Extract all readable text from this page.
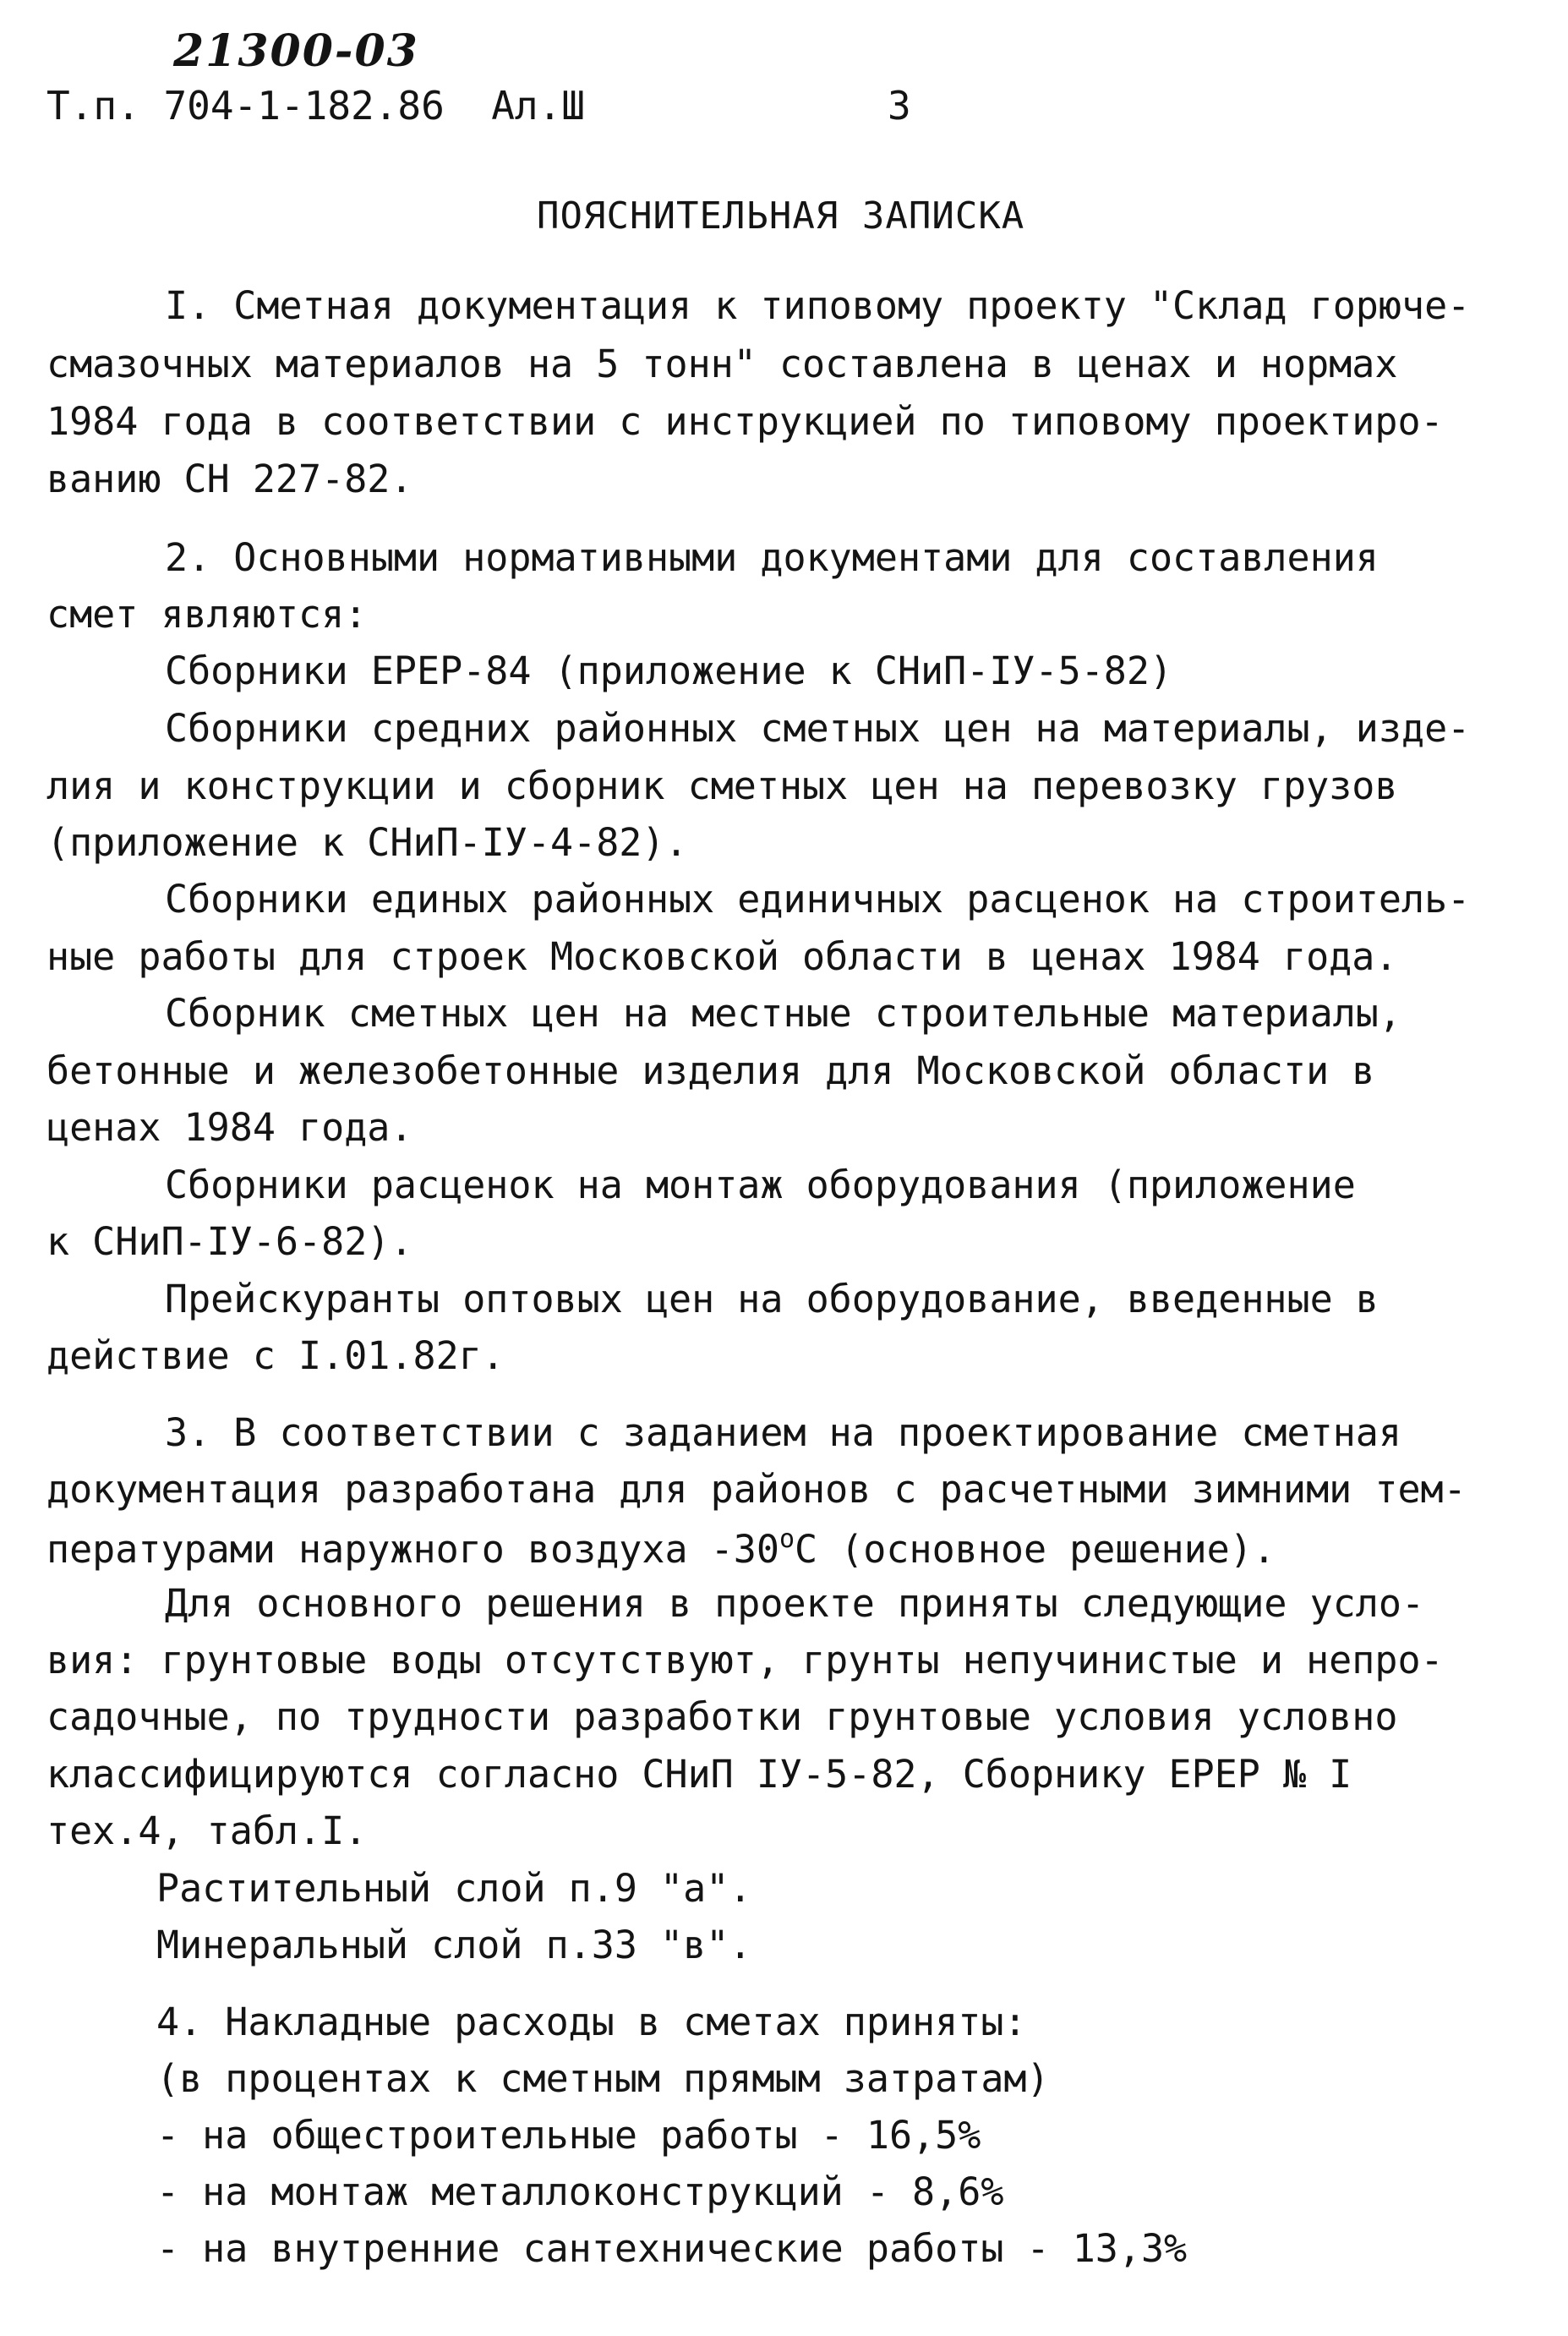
21300-03
Т.п. 704-1-182.86  Ал.Ш	3
ПОЯСНИТЕЛЬНАЯ ЗАПИСКА
I. Сметная документация к типовому проекту "Склад горюче-
смазочных материалов на 5 тонн" составлена в ценах и нормах
1984 года в соответствии с инструкцией по типовому проектиро-
ванию СН 227-82.
2. Основными нормативными документами для составления
смет являются:
Сборники ЕРЕР-84 (приложение к СНиП-IУ-5-82)
Сборники средних районных сметных цен на материалы, изде-
лия и конструкции и сборник сметных цен на перевозку грузов
(приложение к СНиП-IУ-4-82).
Сборники единых районных единичных расценок на строитель-
ные работы для строек Московской области в ценах 1984 года.
Сборник сметных цен на местные строительные материалы,
бетонные и железобетонные изделия для Московской области в
ценах 1984 года.
Сборники расценок на монтаж оборудования (приложение
к СНиП-IУ-6-82).
Прейскуранты оптовых цен на оборудование, введенные в
действие с I.01.82г.
3. В соответствии с заданием на проектирование сметная
документация разработана для районов с расчетными зимними тем-
пературами наружного воздуха $-30^оС$ (основное решение).
Для основного решения в проекте приняты следующие усло-
вия: грунтовые воды отсутствуют, грунты непучинистые и непро-
садочные, по трудности разработки грунтовые условия условно
классифицируются согласно СНиП IУ-5-82, Сборнику ЕРЕР № I
тех.4, табл.I.
Растительный слой п.9 "а".
Минеральный слой п.33 "в".
4. Накладные расходы в сметах приняты:
(в процентах к сметным прямым затратам)
- на общестроительные работы - 16,5%
- на монтаж металлоконструкций - 8,6%
- на внутренние сантехнические работы - 13,3%
